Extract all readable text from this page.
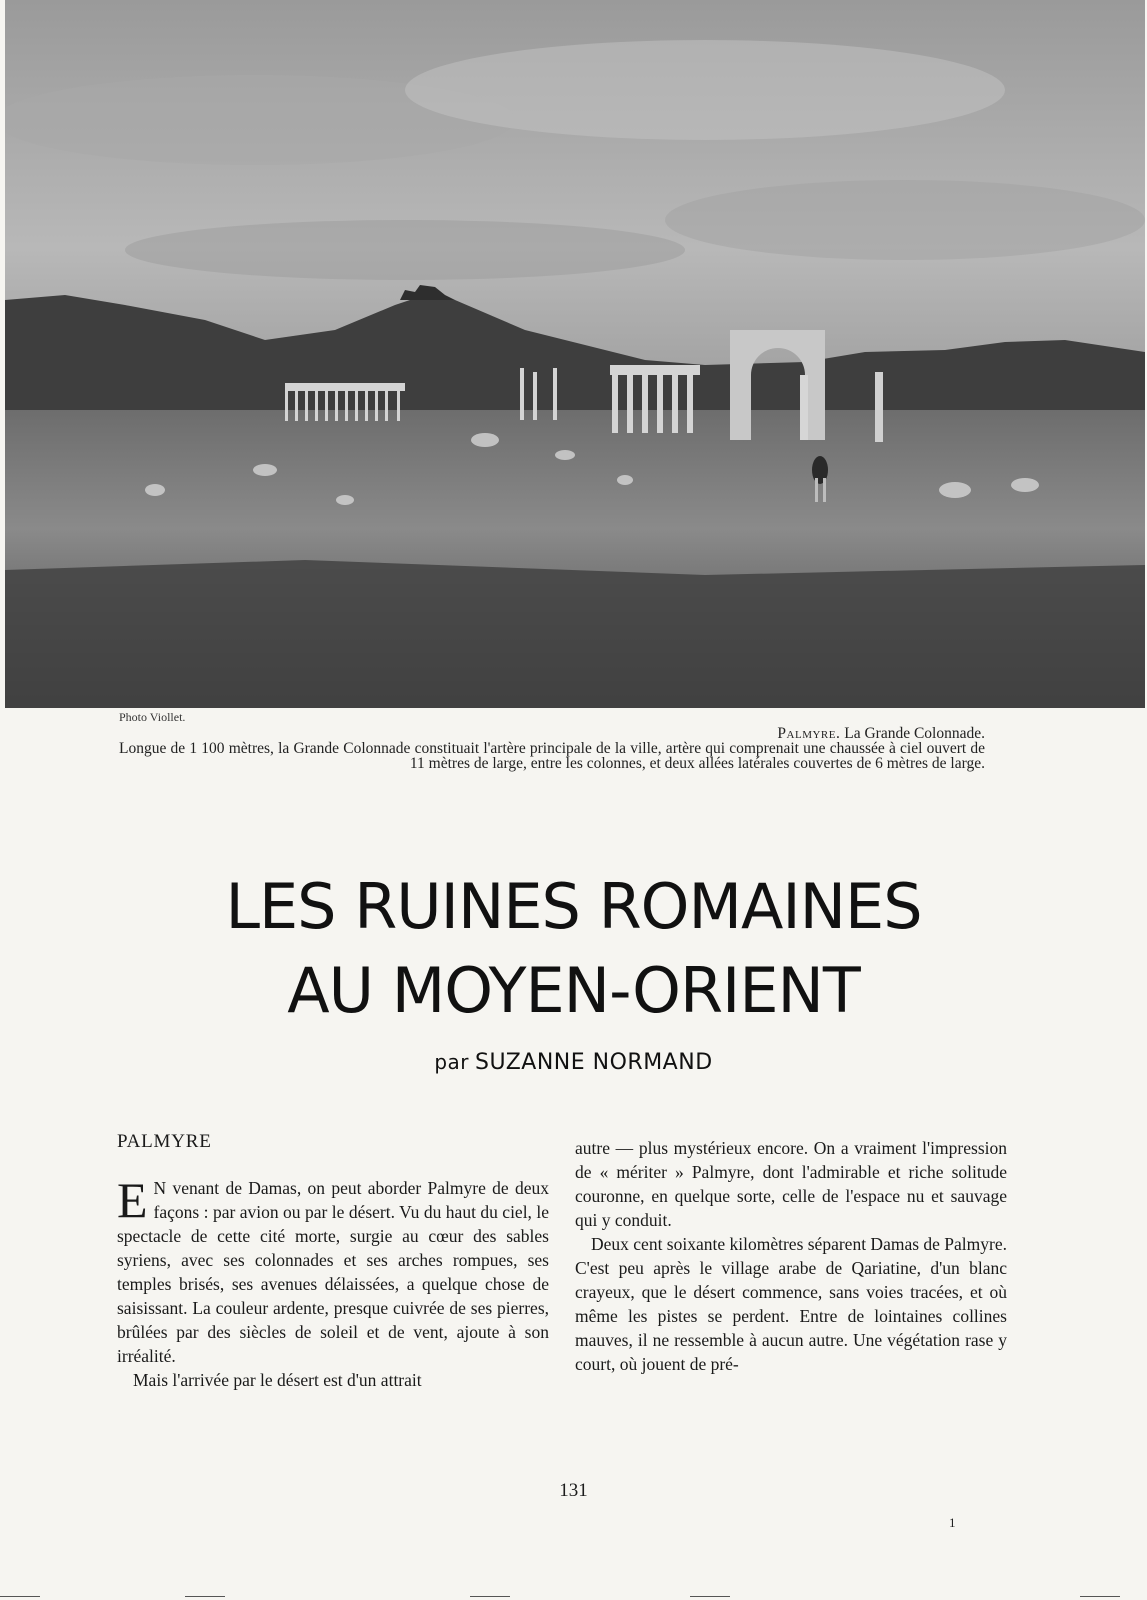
Photo Viollet.
Palmyre. La Grande Colonnade.
Longue de 1 100 mètres, la Grande Colonnade constituait l'artère principale de la ville, artère qui comprenait une chaussée à ciel ouvert de 11 mètres de large, entre les colonnes, et deux allées latérales couvertes de 6 mètres de large.
LES RUINES ROMAINES
AU MOYEN-ORIENT
par SUZANNE NORMAND

PALMYRE

E N venant de Damas, on peut aborder Palmyre de deux façons : par avion ou par le désert. Vu du haut du ciel, le spectacle de cette cité morte, surgie au cœur des sables syriens, avec ses colonnades et ses arches rompues, ses temples brisés, ses avenues délaissées, a quelque chose de saisissant. La couleur ardente, presque cuivrée de ses pierres, brûlées par des siècles de soleil et de vent, ajoute à son irréalité.

Mais l'arrivée par le désert est d'un attrait

autre — plus mystérieux encore. On a vraiment l'impression de « mériter » Palmyre, dont l'admirable et riche solitude couronne, en quelque sorte, celle de l'espace nu et sauvage qui y conduit.

Deux cent soixante kilomètres séparent Damas de Palmyre. C'est peu après le village arabe de Qariatine, d'un blanc crayeux, que le désert commence, sans voies tracées, et où même les pistes se perdent. Entre de lointaines collines mauves, il ne ressemble à aucun autre. Une végétation rase y court, où jouent de pré-

131
1
